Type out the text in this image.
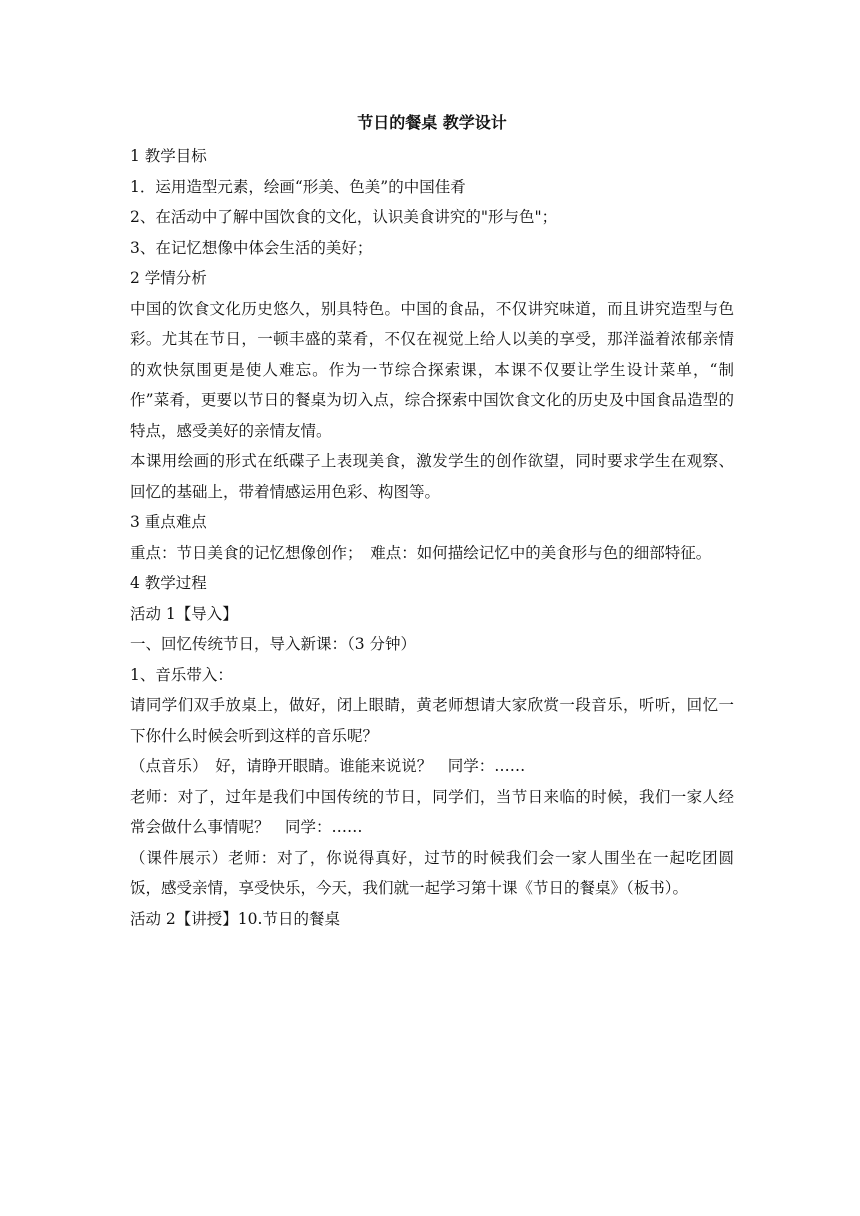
节日的餐桌 教学设计
1 教学目标
1．运用造型元素，绘画“形美、色美”的中国佳肴
2、在活动中了解中国饮食的文化，认识美食讲究的"形与色"；
3、在记忆想像中体会生活的美好；
2 学情分析
中国的饮食文化历史悠久，别具特色。中国的食品，不仅讲究味道，而且讲究造型与色彩。尤其在节日，一顿丰盛的菜肴，不仅在视觉上给人以美的享受，那洋溢着浓郁亲情的欢快氛围更是使人难忘。作为一节综合探索课，本课不仅要让学生设计菜单，“制作”菜肴，更要以节日的餐桌为切入点，综合探索中国饮食文化的历史及中国食品造型的特点，感受美好的亲情友情。
本课用绘画的形式在纸碟子上表现美食，激发学生的创作欲望，同时要求学生在观察、回忆的基础上，带着情感运用色彩、构图等。
3 重点难点
重点：节日美食的记忆想像创作；　难点：如何描绘记忆中的美食形与色的细部特征。
4 教学过程
活动 1【导入】
一、回忆传统节日，导入新课：（3 分钟）
1、音乐带入：
请同学们双手放桌上，做好，闭上眼睛，黄老师想请大家欣赏一段音乐，听听，回忆一下你什么时候会听到这样的音乐呢？
（点音乐）　好，请睁开眼睛。谁能来说说？　同学：……
老师：对了，过年是我们中国传统的节日，同学们，当节日来临的时候，我们一家人经常会做什么事情呢？　同学：……
（课件展示）老师：对了，你说得真好，过节的时候我们会一家人围坐在一起吃团圆饭，感受亲情，享受快乐，今天，我们就一起学习第十课《节日的餐桌》（板书）。
活动 2【讲授】10.节日的餐桌
